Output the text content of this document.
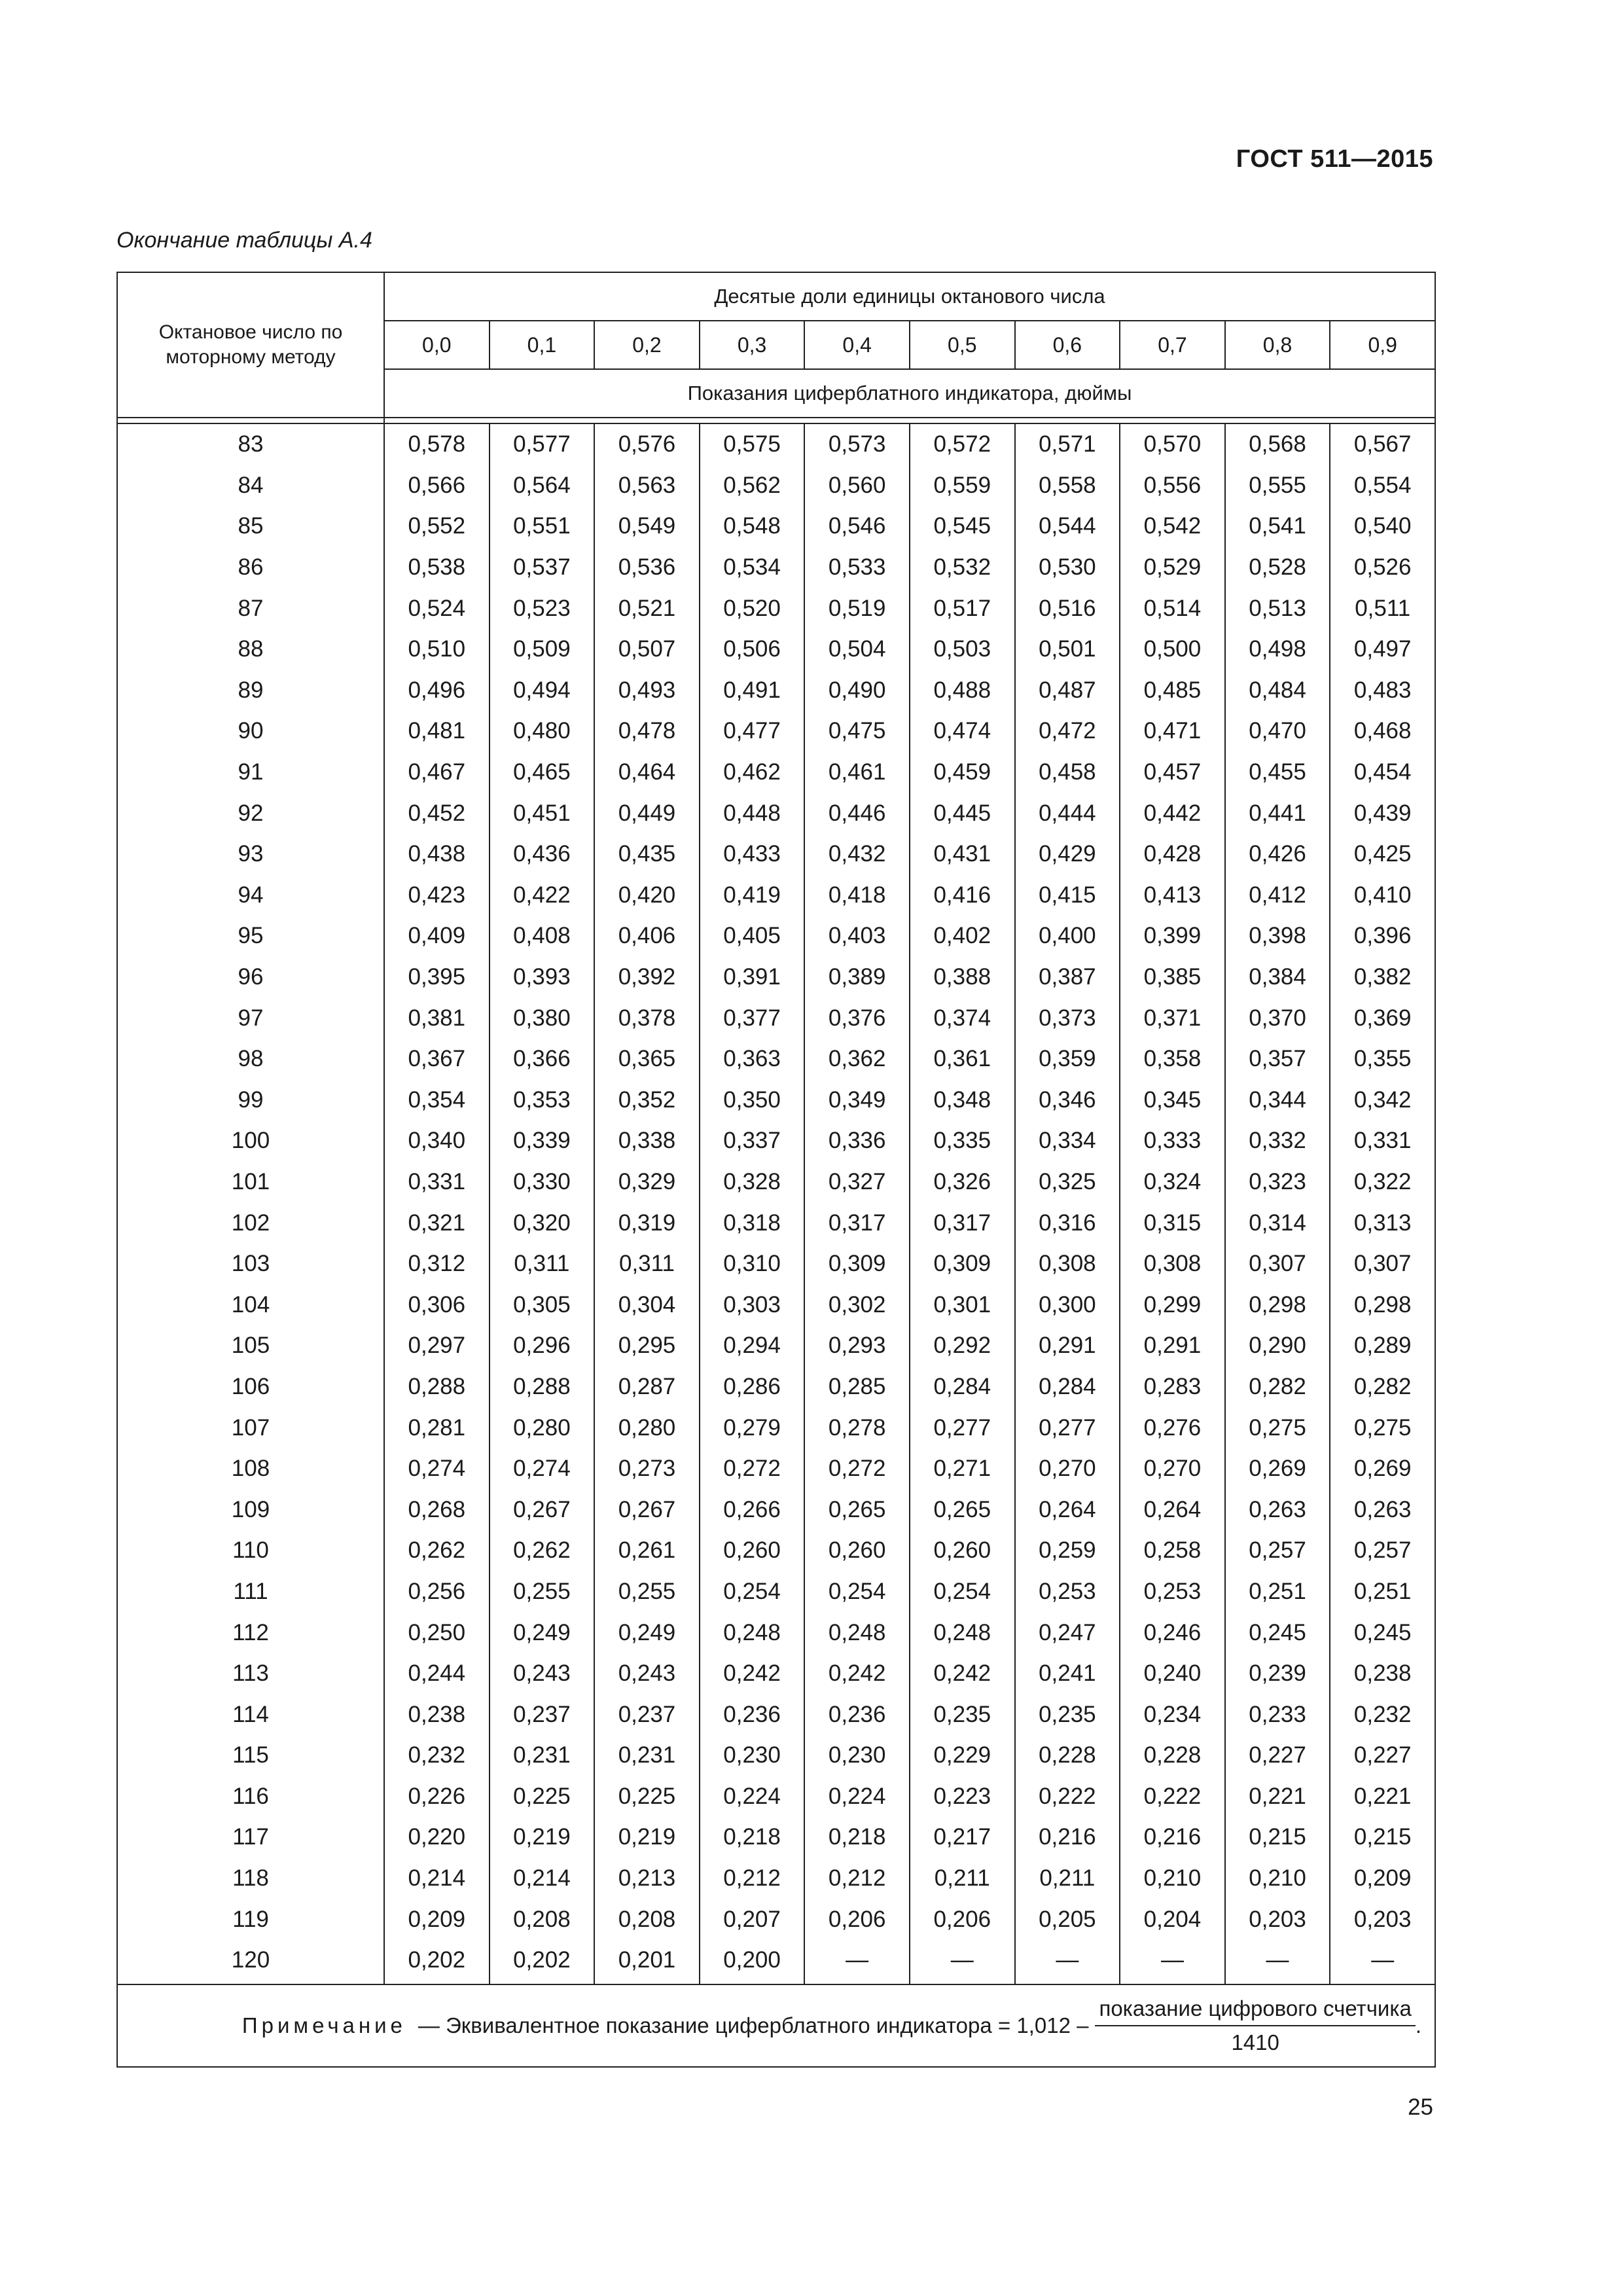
ГОСТ 511—2015
Окончание таблицы А.4
Октановое число по моторному методу	Десятые доли единицы октанового числа									
	0,0	0,1	0,2	0,3	0,4	0,5	0,6	0,7	0,8	0,9
	Показания циферблатного индикатора, дюймы									

83	0,578	0,577	0,576	0,575	0,573	0,572	0,571	0,570	0,568	0,567
84	0,566	0,564	0,563	0,562	0,560	0,559	0,558	0,556	0,555	0,554
85	0,552	0,551	0,549	0,548	0,546	0,545	0,544	0,542	0,541	0,540
86	0,538	0,537	0,536	0,534	0,533	0,532	0,530	0,529	0,528	0,526
87	0,524	0,523	0,521	0,520	0,519	0,517	0,516	0,514	0,513	0,511
88	0,510	0,509	0,507	0,506	0,504	0,503	0,501	0,500	0,498	0,497
89	0,496	0,494	0,493	0,491	0,490	0,488	0,487	0,485	0,484	0,483
90	0,481	0,480	0,478	0,477	0,475	0,474	0,472	0,471	0,470	0,468
91	0,467	0,465	0,464	0,462	0,461	0,459	0,458	0,457	0,455	0,454
92	0,452	0,451	0,449	0,448	0,446	0,445	0,444	0,442	0,441	0,439
93	0,438	0,436	0,435	0,433	0,432	0,431	0,429	0,428	0,426	0,425
94	0,423	0,422	0,420	0,419	0,418	0,416	0,415	0,413	0,412	0,410
95	0,409	0,408	0,406	0,405	0,403	0,402	0,400	0,399	0,398	0,396
96	0,395	0,393	0,392	0,391	0,389	0,388	0,387	0,385	0,384	0,382
97	0,381	0,380	0,378	0,377	0,376	0,374	0,373	0,371	0,370	0,369
98	0,367	0,366	0,365	0,363	0,362	0,361	0,359	0,358	0,357	0,355
99	0,354	0,353	0,352	0,350	0,349	0,348	0,346	0,345	0,344	0,342
100	0,340	0,339	0,338	0,337	0,336	0,335	0,334	0,333	0,332	0,331
101	0,331	0,330	0,329	0,328	0,327	0,326	0,325	0,324	0,323	0,322
102	0,321	0,320	0,319	0,318	0,317	0,317	0,316	0,315	0,314	0,313
103	0,312	0,311	0,311	0,310	0,309	0,309	0,308	0,308	0,307	0,307
104	0,306	0,305	0,304	0,303	0,302	0,301	0,300	0,299	0,298	0,298
105	0,297	0,296	0,295	0,294	0,293	0,292	0,291	0,291	0,290	0,289
106	0,288	0,288	0,287	0,286	0,285	0,284	0,284	0,283	0,282	0,282
107	0,281	0,280	0,280	0,279	0,278	0,277	0,277	0,276	0,275	0,275
108	0,274	0,274	0,273	0,272	0,272	0,271	0,270	0,270	0,269	0,269
109	0,268	0,267	0,267	0,266	0,265	0,265	0,264	0,264	0,263	0,263
110	0,262	0,262	0,261	0,260	0,260	0,260	0,259	0,258	0,257	0,257
111	0,256	0,255	0,255	0,254	0,254	0,254	0,253	0,253	0,251	0,251
112	0,250	0,249	0,249	0,248	0,248	0,248	0,247	0,246	0,245	0,245
113	0,244	0,243	0,243	0,242	0,242	0,242	0,241	0,240	0,239	0,238
114	0,238	0,237	0,237	0,236	0,236	0,235	0,235	0,234	0,233	0,232
115	0,232	0,231	0,231	0,230	0,230	0,229	0,228	0,228	0,227	0,227
116	0,226	0,225	0,225	0,224	0,224	0,223	0,222	0,222	0,221	0,221
117	0,220	0,219	0,219	0,218	0,218	0,217	0,216	0,216	0,215	0,215
118	0,214	0,214	0,213	0,212	0,212	0,211	0,211	0,210	0,210	0,209
119	0,209	0,208	0,208	0,207	0,206	0,206	0,205	0,204	0,203	0,203
120	0,202	0,202	0,201	0,200	—	—	—	—	—	—

Примечание — Эквивалентное показание циферблатного индикатора = $1,012 - \frac{\text{показание цифрового счетчика}}{1410}$ .										
25
